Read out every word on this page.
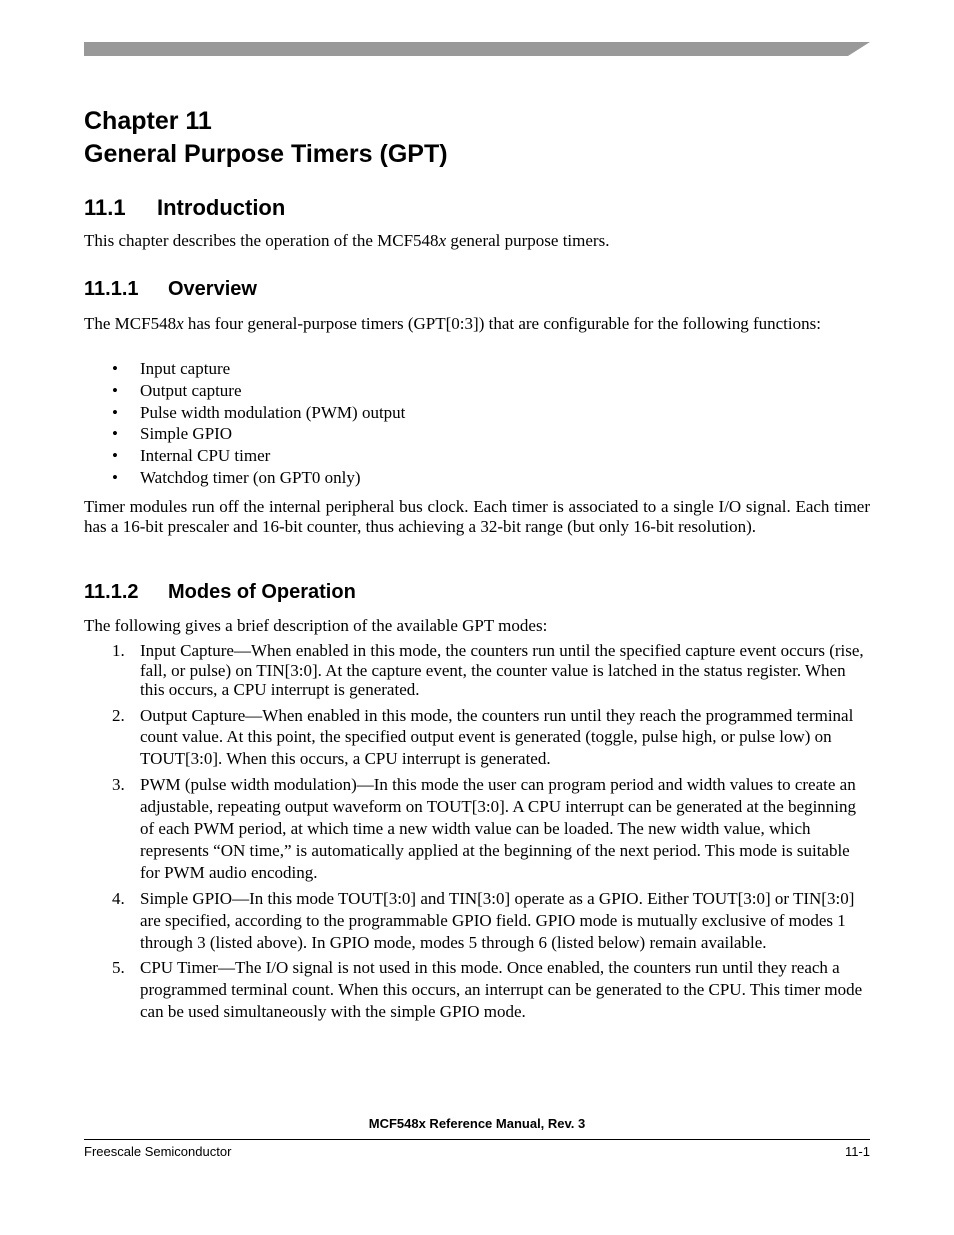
Chapter 11
General Purpose Timers (GPT)
11.1 Introduction

This chapter describes the operation of the MCF548x general purpose timers.

11.1.1 Overview

The MCF548x has four general-purpose timers (GPT[0:3]) that are configurable for the following functions:

• Input capture
• Output capture
• Pulse width modulation (PWM) output
• Simple GPIO
• Internal CPU timer
• Watchdog timer (on GPT0 only)

Timer modules run off the internal peripheral bus clock. Each timer is associated to a single I/O signal. Each timer has a 16-bit prescaler and 16-bit counter, thus achieving a 32-bit range (but only 16-bit resolution).

11.1.2 Modes of Operation

The following gives a brief description of the available GPT modes:

1. Input Capture—When enabled in this mode, the counters run until the specified capture event occurs (rise, fall, or pulse) on TIN[3:0]. At the capture event, the counter value is latched in the status register. When this occurs, a CPU interrupt is generated.
2. Output Capture—When enabled in this mode, the counters run until they reach the programmed terminal count value. At this point, the specified output event is generated (toggle, pulse high, or pulse low) on TOUT[3:0]. When this occurs, a CPU interrupt is generated.
3. PWM (pulse width modulation)—In this mode the user can program period and width values to create an adjustable, repeating output waveform on TOUT[3:0]. A CPU interrupt can be generated at the beginning of each PWM period, at which time a new width value can be loaded. The new width value, which represents “ON time,” is automatically applied at the beginning of the next period. This mode is suitable for PWM audio encoding.
4. Simple GPIO—In this mode TOUT[3:0] and TIN[3:0] operate as a GPIO. Either TOUT[3:0] or TIN[3:0] are specified, according to the programmable GPIO field. GPIO mode is mutually exclusive of modes 1 through 3 (listed above). In GPIO mode, modes 5 through 6 (listed below) remain available.
5. CPU Timer—The I/O signal is not used in this mode. Once enabled, the counters run until they reach a programmed terminal count. When this occurs, an interrupt can be generated to the CPU. This timer mode can be used simultaneously with the simple GPIO mode.

MCF548x Reference Manual, Rev. 3

Freescale Semiconductor	11-1
